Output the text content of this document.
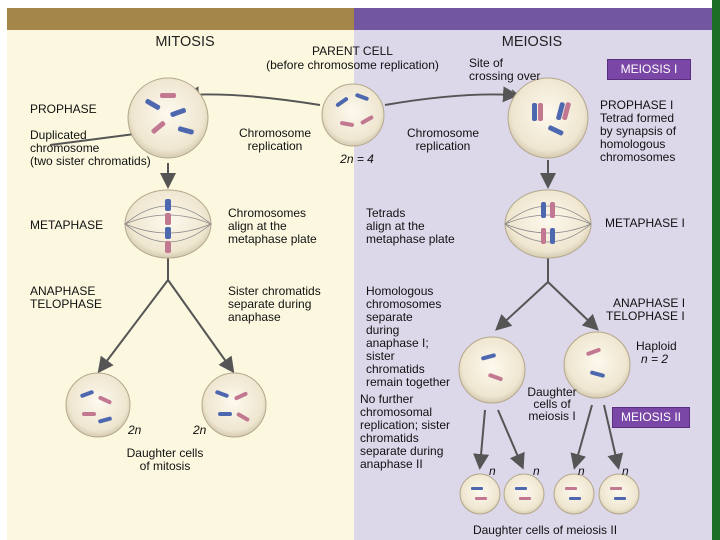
MITOSIS	MEIOSIS
PARENT CELL
(before chromosome replication)	Site of
crossing over	MEIOSIS I
Chromosome
replication
Chromosome
replication
2n = 4
PROPHASE
Duplicated
chromosome
(two sister chromatids)
METAPHASE
Chromosomes
align at the
metaphase plate
ANAPHASE
TELOPHASE
Sister chromatids
separate during
anaphase
2n	2n
Daughter cells
of mitosis
PROPHASE I
Tetrad formed
by synapsis of
homologous
chromosomes
Tetrads
align at the
metaphase plate
METAPHASE I
Homologous
chromosomes
separate
during
anaphase I;
sister
chromatids
remain together
ANAPHASE I
TELOPHASE I
Haploid
n = 2
Daughter
cells of
meiosis I	MEIOSIS II
No further
chromosomal
replication; sister
chromatids
separate during
anaphase II	n	n	n	n
Daughter cells of meiosis II
